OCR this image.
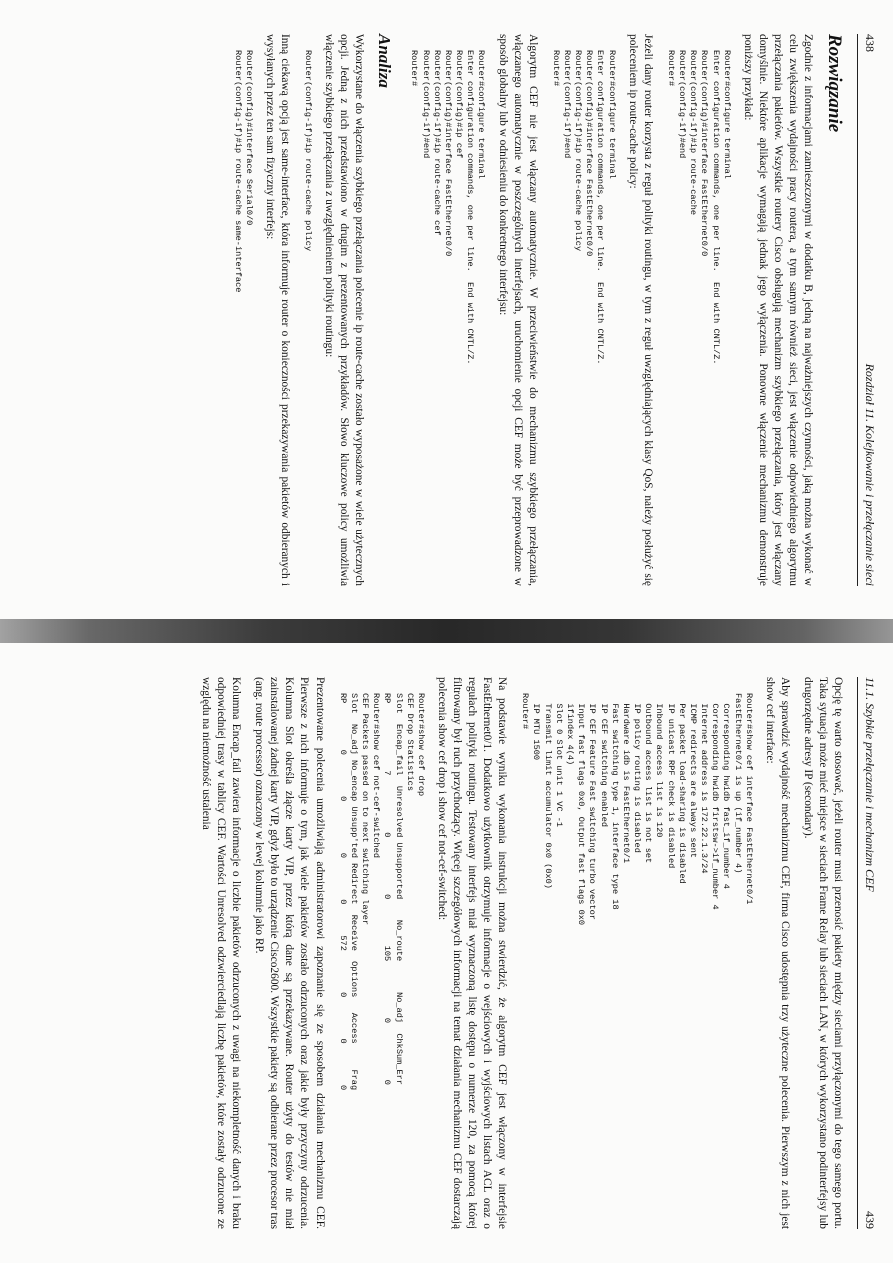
438
Rozdział 11. Kolejkowanie i przełączanie sieci
Rozwiązanie

Zgodnie z informacjami zamieszczonymi w dodatku B, jedną na najważniejszych czynności, jaką można wykonać w celu zwiększenia wydajności pracy routera, a tym samym również sieci, jest włączenie odpowiedniego algorytmu przełączania pakietów. Wszystkie routery Cisco obsługują mechanizm szybkiego przełączania, który jest włączany domyślnie. Niektóre aplikacje wymagają jednak jego wyłączenia. Ponowne włączenie mechanizmu demonstruje poniższy przykład:

Router#configure terminal
Enter configuration commands, one per line.  End with CNTL/Z.
Router(config)#interface FastEthernet0/0
Router(config-if)#ip route-cache
Router(config-if)#end
Router#

Jeżeli dany router korzysta z reguł polityki routingu, w tym z reguł uwzględniających klasy QoS, należy posłużyć się poleceniem ip route-cache policy:

Router#configure terminal
Enter configuration commands, one per line.  End with CNTL/Z.
Router(config)#interface FastEthernet0/0
Router(config-if)#ip route-cache policy
Router(config-if)#end
Router#

Algorytm CEF nie jest włączany automatycznie. W przeciwieństwie do mechanizmu szybkiego przełączania, włączanego automatycznie w poszczególnych interfejsach, uruchomienie opcji CEF może być przeprowadzone w sposób globalny lub w odniesieniu do konkretnego interfejsu:

Router#configure terminal
Enter configuration commands, one per line.  End with CNTL/Z.
Router(config)#ip cef
Router(config)#interface FastEthernet0/0
Router(config-if)#ip route-cache cef
Router(config-if)#end
Router#
Analiza

Wykorzystane do włączenia szybkiego przełączania polecenie ip route-cache zostało wyposażone w wiele użytecznych opcji. Jedną z nich przedstawiono w drugim z prezentowanych przykładów. Słowo kluczowe policy umożliwia włączenie szybkiego przełączania z uwzględnieniem polityki routingu:

Router(config-if)#ip route-cache policy

Inną ciekawą opcją jest same-interface, która informuje router o konieczności przekazywania pakietów odbieranych i wysyłanych przez ten sam fizyczny interfejs:

Router(config)#interface Serial0/0
Router(config-if)#ip route-cache same-interface
11.1. Szybkie przełączanie i mechanizm CEF
439

Opcję tę warto stosować, jeżeli router musi przenosić pakiety między sieciami przyłączonymi do tego samego portu. Taka sytuacja może mieć miejsce w sieciach Frame Relay lub sieciach LAN, w których wykorzystano podinterfejsy lub drugorzędne adresy IP (secondary).

Aby sprawdzić wydajność mechanizmu CEF, firma Cisco udostępnia trzy użyteczne polecenia. Pierwszym z nich jest show cef interface:

Router#show cef interface FastEthernet0/1
FastEthernet0/1 is up (if_number 4)
Corresponding hwidb fast_if_number 4
Corresponding hwidb firstsw->if_number 4
Internet address is 172.22.1.3/24
ICMP redirects are always sent
Per packet load-sharing is disabled
IP unicast RPF check is disabled
Inbound access list is 120
Outbound access list is not set
IP policy routing is disabled
Hardware idb is FastEthernet0/1
Fast switching type 1, interface type 18
IP CEF switching enabled
IP CEF Feature Fast switching turbo vector
Input fast flags 0x0, Output fast flags 0x0
ifindex 4(4)
Slot 0 Slot unit 1 VC -1
Transmit limit accumulator 0x0 (0x0)
IP MTU 1500
Router#

Na podstawie wyniku wykonania instrukcji można stwierdzić, że algorytm CEF jest włączony w interfejsie FastEthernet0/1. Dodatkowo użytkownik otrzymuje informacje o wejściowych i wyjściowych listach ACL oraz o regułach polityki routingu. Testowany interfejs miał wyznaczoną listę dostępu o numerze 120, za pomocą której filtrowany był ruch przychodzący. Więcej szczegółowych informacji na temat działania mechanizmu CEF dostarczają polecenia show cef drop i show cef not-cef-switched:

Router#show cef drop
CEF Drop Statistics
Slot  Encap_fail  Unresolved Unsupported    No_route      No_adj  ChkSum_Err
RP             7           0           0         105           0           0
Router#show cef not-cef-switched
CEF Packets passed on to next switching layer
Slot  No_adj No_encap Unsupp'ted Redirect  Receive  Options   Access     Frag
RP         0        0          0        0      572        0        0        0

Prezentowane polecenia umożliwiają administratorowi zapoznanie się ze sposobem działania mechanizmu CEF. Pierwsze z nich informuje o tym, jak wiele pakietów zostało odrzuconych oraz jakie były przyczyny odrzucenia. Kolumna Slot określa złącze karty VIP, przez którą dane są przekazywane. Router użyty do testów nie miał zainstalowanej żadnej karty VIP, gdyż było to urządzenie Cisco2600. Wszystkie pakiety są odbierane przez procesor tras (ang. route processor) oznaczony w lewej kolumnie jako RP.

Kolumna Encap_fail zawiera informacje o liczbie pakietów odrzuconych z uwagi na niekompletność danych i braku odpowiedniej trasy w tablicy CEF. Wartości Unresolved odzwierciedlają liczbę pakietów, które zostały odrzucone ze względu na niemożność ustalenia
